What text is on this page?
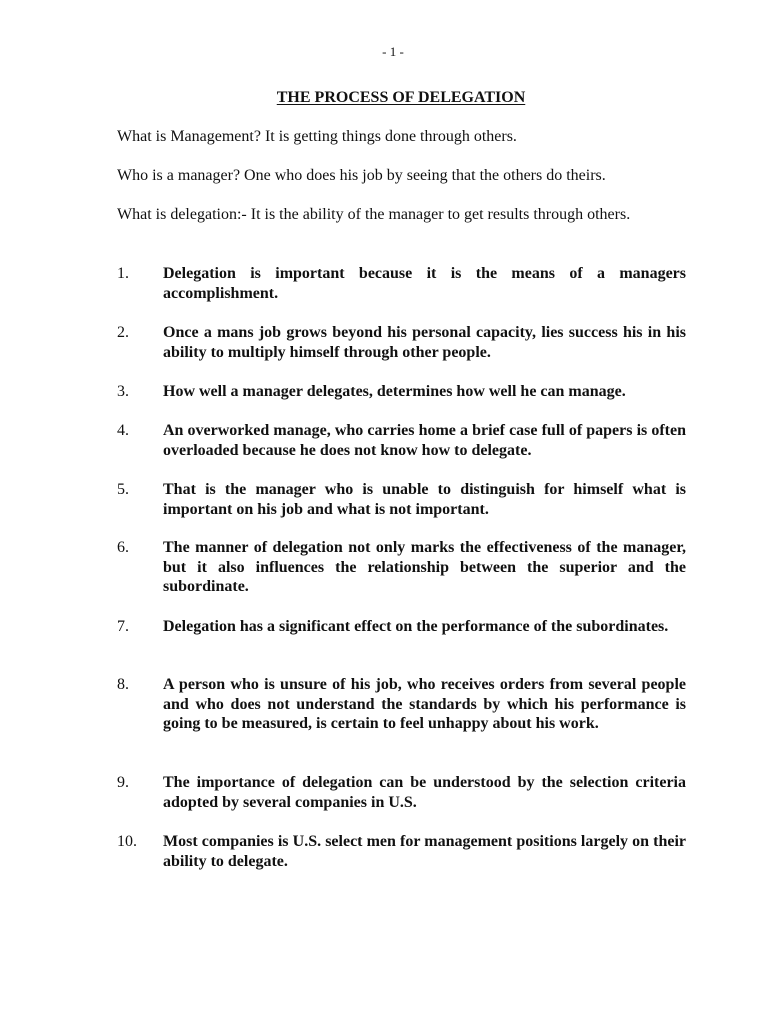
- 1 -
THE PROCESS OF DELEGATION

What is Management? It is getting things done through others.

Who is a manager? One who does his job by seeing that the others do theirs.

What is delegation:- It is the ability of the manager to get results through others.

1.	Delegation is important because it is the means of a managers accomplishment.

2.	Once a mans job grows beyond his personal capacity, lies success his in his ability to multiply himself through other people.

3.	How well a manager delegates, determines how well he can manage.

4.	An overworked manage, who carries home a brief case full of papers is often overloaded because he does not know how to delegate.

5.	That is the manager who is unable to distinguish for himself what is important on his job and what is not important.

6.	The manner of delegation not only marks the effectiveness of the manager, but it also influences the relationship between the superior and the subordinate.

7.	Delegation has a significant effect on the performance of the subordinates.

8.	A person who is unsure of his job, who receives orders from several people and who does not understand the standards by which his performance is going to be measured, is certain to feel unhappy about his work.

9.	The importance of delegation can be understood by the selection criteria adopted by several companies in U.S.

10.	Most companies is U.S. select men for management positions largely on their ability to delegate.
